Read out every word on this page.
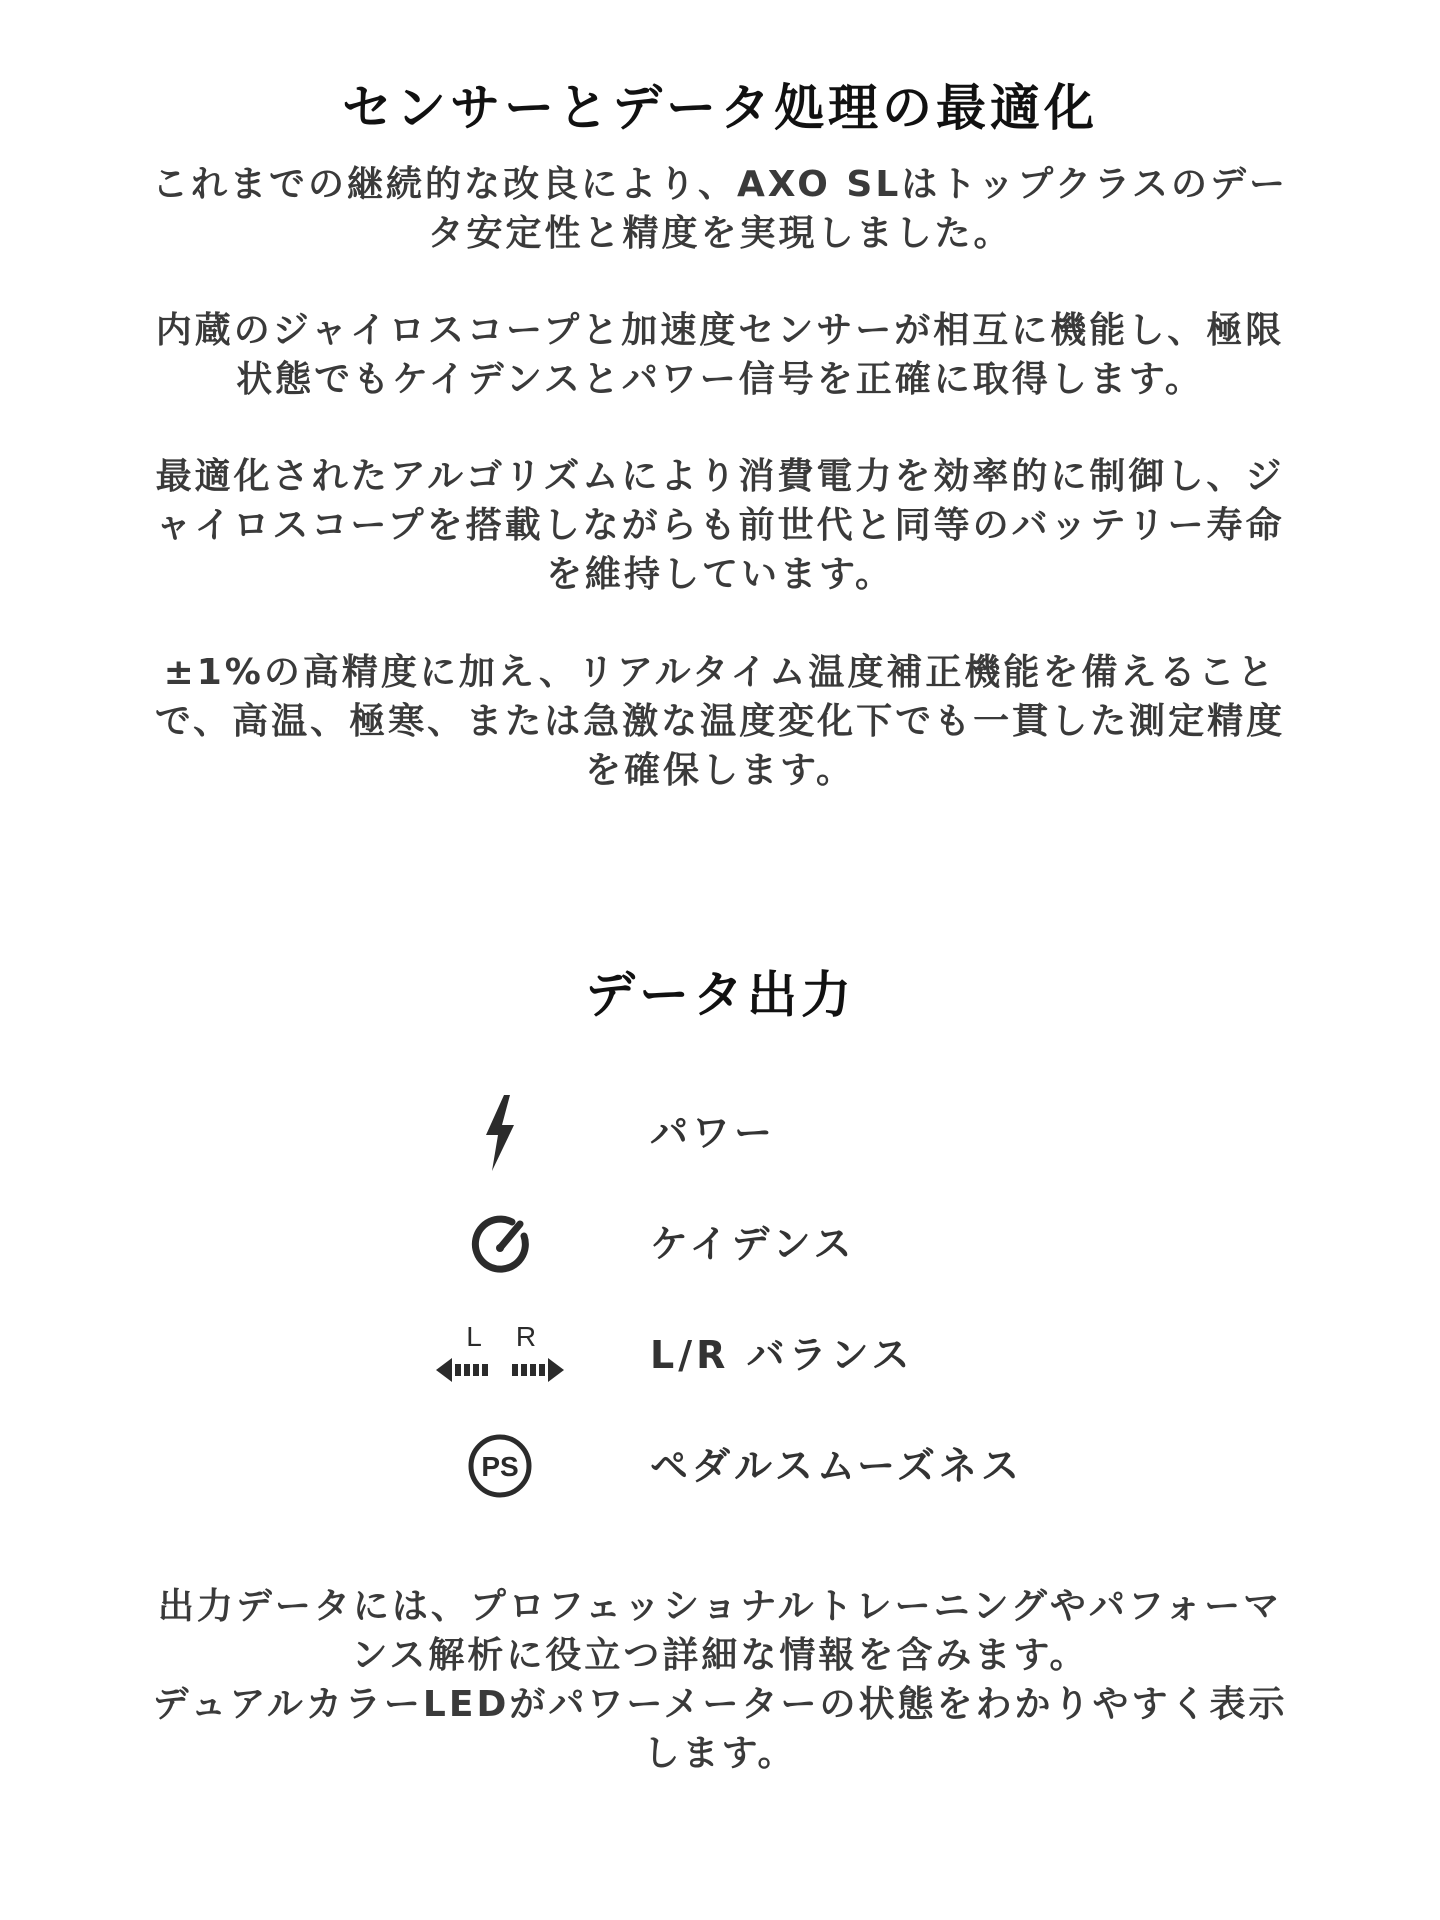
センサーとデータ処理の最適化

これまでの継続的な改良により、AXO SLはトップクラスのデータ安定性と精度を実現しました。

内蔵のジャイロスコープと加速度センサーが相互に機能し、極限状態でもケイデンスとパワー信号を正確に取得します。

最適化されたアルゴリズムにより消費電力を効率的に制御し、ジャイロスコープを搭載しながらも前世代と同等のバッテリー寿命を維持しています。

±1%の高精度に加え、リアルタイム温度補正機能を備えることで、高温、極寒、または急激な温度変化下でも一貫した測定精度を確保します。

データ出力
パワー
ケイデンス
L R	L/R バランス
PS	ペダルスムーズネス

出力データには、プロフェッショナルトレーニングやパフォーマンス解析に役立つ詳細な情報を含みます。
デュアルカラーLEDがパワーメーターの状態をわかりやすく表示します。
